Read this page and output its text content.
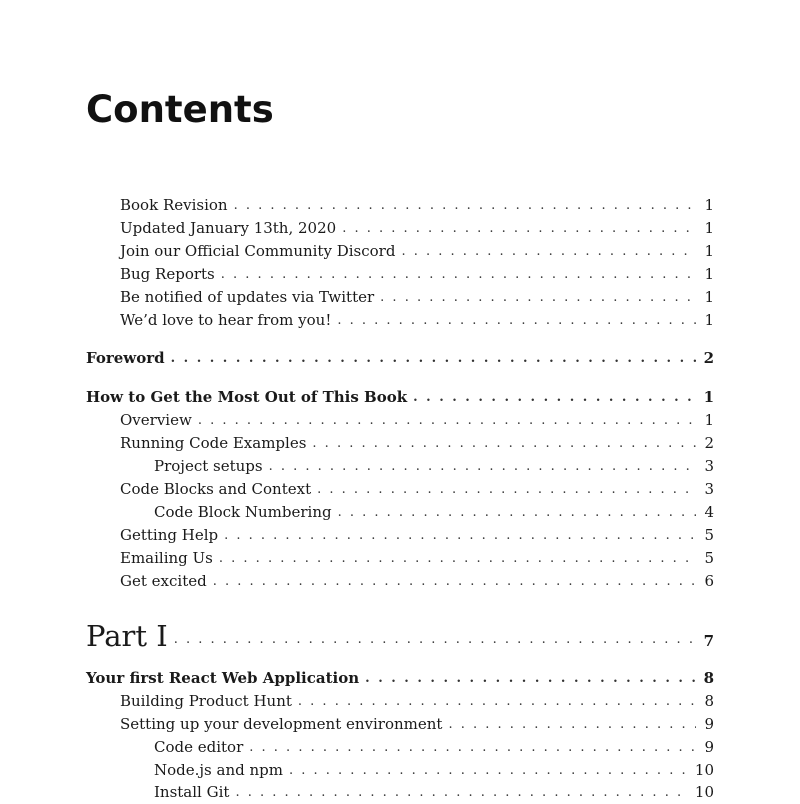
Contents
Book Revision . . .	1
Updated January 13th, 2020 . . .	1
Join our Official Community Discord . . .	1
Bug Reports . . .	1
Be notified of updates via Twitter . . .	1
We’d love to hear from you! . . .	1
Foreword . . .	2
How to Get the Most Out of This Book . . .	1
Overview . . .	1
Running Code Examples . . .	2
Project setups . . .	3
Code Blocks and Context . . .	3
Code Block Numbering . . .	4
Getting Help . . .	5
Emailing Us . . .	5
Get excited . . .	6
Part I . . .	7
Your first React Web Application . . .	8
Building Product Hunt . . .	8
Setting up your development environment . . .	9
Code editor . . .	9
Node.js and npm . . .	10
Install Git . . .	10
